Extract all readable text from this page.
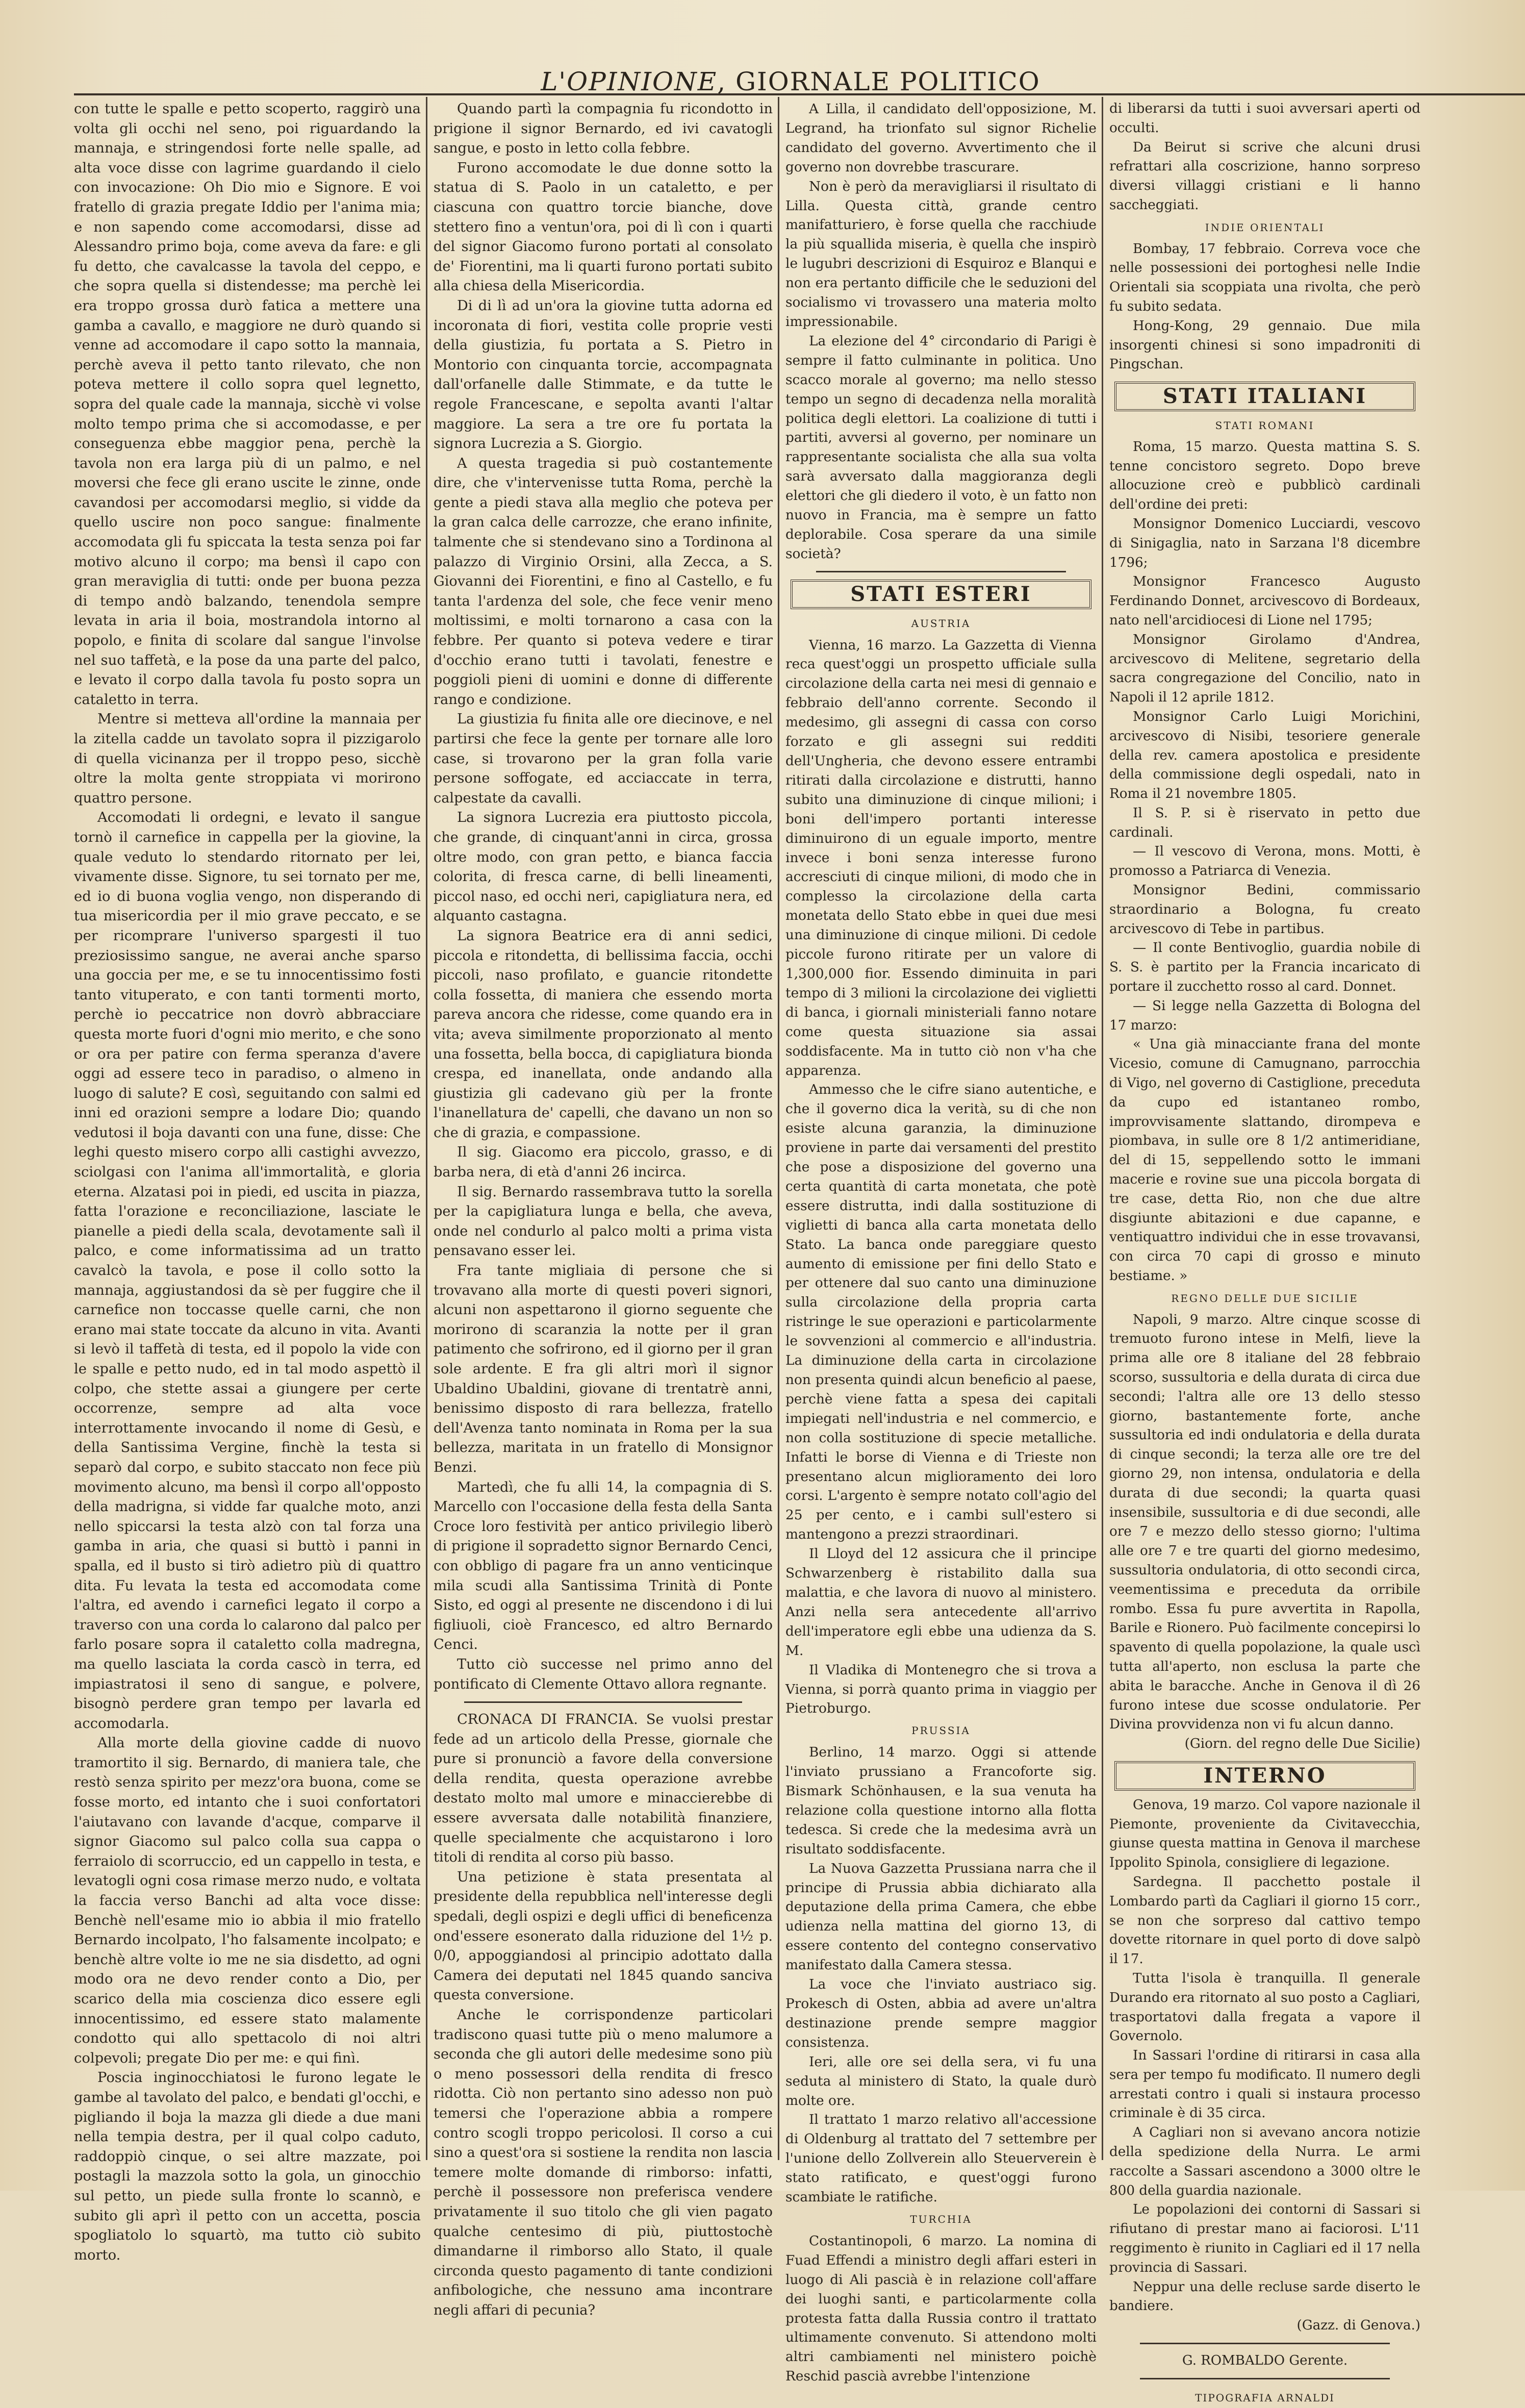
L'OPINIONE, GIORNALE POLITICO

con tutte le spalle e petto scoperto, raggirò una volta gli occhi nel seno, poi riguardando la mannaja, e stringendosi forte nelle spalle, ad alta voce disse con lagrime guardando il cielo con invocazione: Oh Dio mio e Signore. E voi fratello di grazia pregate Iddio per l'anima mia; e non sapendo come accomodarsi, disse ad Alessandro primo boja, come aveva da fare: e gli fu detto, che cavalcasse la tavola del ceppo, e che sopra quella si distendesse; ma perchè lei era troppo grossa durò fatica a mettere una gamba a cavallo, e maggiore ne durò quando si venne ad accomodare il capo sotto la mannaia, perchè aveva il petto tanto rilevato, che non poteva mettere il collo sopra quel legnetto, sopra del quale cade la mannaja, sicchè vi volse molto tempo prima che si accomodasse, e per conseguenza ebbe maggior pena, perchè la tavola non era larga più di un palmo, e nel moversi che fece gli erano uscite le zinne, onde cavandosi per accomodarsi meglio, si vidde da quello uscire non poco sangue: finalmente accomodata gli fu spiccata la testa senza poi far motivo alcuno il corpo; ma bensì il capo con gran meraviglia di tutti: onde per buona pezza di tempo andò balzando, tenendola sempre levata in aria il boia, mostrandola intorno al popolo, e finita di scolare dal sangue l'involse nel suo taffetà, e la pose da una parte del palco, e levato il corpo dalla tavola fu posto sopra un cataletto in terra.

Mentre si metteva all'ordine la mannaia per la zitella cadde un tavolato sopra il pizzigarolo di quella vicinanza per il troppo peso, sicchè oltre la molta gente stroppiata vi morirono quattro persone.

Accomodati li ordegni, e levato il sangue tornò il carnefice in cappella per la giovine, la quale veduto lo stendardo ritornato per lei, vivamente disse. Signore, tu sei tornato per me, ed io di buona voglia vengo, non disperando di tua misericordia per il mio grave peccato, e se per ricomprare l'universo spargesti il tuo preziosissimo sangue, ne averai anche sparso una goccia per me, e se tu innocentissimo fosti tanto vituperato, e con tanti tormenti morto, perchè io peccatrice non dovrò abbracciare questa morte fuori d'ogni mio merito, e che sono or ora per patire con ferma speranza d'avere oggi ad essere teco in paradiso, o almeno in luogo di salute? E così, seguitando con salmi ed inni ed orazioni sempre a lodare Dio; quando vedutosi il boja davanti con una fune, disse: Che leghi questo misero corpo alli castighi avvezzo, sciolgasi con l'anima all'immortalità, e gloria eterna. Alzatasi poi in piedi, ed uscita in piazza, fatta l'orazione e reconciliazione, lasciate le pianelle a piedi della scala, devotamente salì il palco, e come informatissima ad un tratto cavalcò la tavola, e pose il collo sotto la mannaja, aggiustandosi da sè per fuggire che il carnefice non toccasse quelle carni, che non erano mai state toccate da alcuno in vita. Avanti si levò il taffetà di testa, ed il popolo la vide con le spalle e petto nudo, ed in tal modo aspettò il colpo, che stette assai a giungere per certe occorrenze, sempre ad alta voce interrottamente invocando il nome di Gesù, e della Santissima Vergine, finchè la testa si separò dal corpo, e subito staccato non fece più movimento alcuno, ma bensì il corpo all'opposto della madrigna, si vidde far qualche moto, anzi nello spiccarsi la testa alzò con tal forza una gamba in aria, che quasi si buttò i panni in spalla, ed il busto si tirò adietro più di quattro dita. Fu levata la testa ed accomodata come l'altra, ed avendo i carnefici legato il corpo a traverso con una corda lo calarono dal palco per farlo posare sopra il cataletto colla madregna, ma quello lasciata la corda cascò in terra, ed impiastratosi il seno di sangue, e polvere, bisognò perdere gran tempo per lavarla ed accomodarla.

Alla morte della giovine cadde di nuovo tramortito il sig. Bernardo, di maniera tale, che restò senza spirito per mezz'ora buona, come se fosse morto, ed intanto che i suoi confortatori l'aiutavano con lavande d'acque, comparve il signor Giacomo sul palco colla sua cappa o ferraiolo di scorruccio, ed un cappello in testa, e levatogli ogni cosa rimase merzo nudo, e voltata la faccia verso Banchi ad alta voce disse: Benchè nell'esame mio io abbia il mio fratello Bernardo incolpato, l'ho falsamente incolpato; e benchè altre volte io me ne sia disdetto, ad ogni modo ora ne devo render conto a Dio, per scarico della mia coscienza dico essere egli innocentissimo, ed essere stato malamente condotto qui allo spettacolo di noi altri colpevoli; pregate Dio per me: e qui finì.

Poscia inginocchiatosi le furono legate le gambe al tavolato del palco, e bendati gl'occhi, e pigliando il boja la mazza gli diede a due mani nella tempia destra, per il qual colpo caduto, raddoppiò cinque, o sei altre mazzate, poi postagli la mazzola sotto la gola, un ginocchio sul petto, un piede sulla fronte lo scannò, e subito gli aprì il petto con un accetta, poscia spogliatolo lo squartò, ma tutto ciò subito morto.

Quando partì la compagnia fu ricondotto in prigione il signor Bernardo, ed ivi cavatogli sangue, e posto in letto colla febbre.

Furono accomodate le due donne sotto la statua di S. Paolo in un cataletto, e per ciascuna con quattro torcie bianche, dove stettero fino a ventun'ora, poi di lì con i quarti del signor Giacomo furono portati al consolato de' Fiorentini, ma li quarti furono portati subito alla chiesa della Misericordia.

Di di lì ad un'ora la giovine tutta adorna ed incoronata di fiori, vestita colle proprie vesti della giustizia, fu portata a S. Pietro in Montorio con cinquanta torcie, accompagnata dall'orfanelle dalle Stimmate, e da tutte le regole Francescane, e sepolta avanti l'altar maggiore. La sera a tre ore fu portata la signora Lucrezia a S. Giorgio.

A questa tragedia si può costantemente dire, che v'intervenisse tutta Roma, perchè la gente a piedi stava alla meglio che poteva per la gran calca delle carrozze, che erano infinite, talmente che si stendevano sino a Tordinona al palazzo di Virginio Orsini, alla Zecca, a S. Giovanni dei Fiorentini, e fino al Castello, e fu tanta l'ardenza del sole, che fece venir meno moltissimi, e molti tornarono a casa con la febbre. Per quanto si poteva vedere e tirar d'occhio erano tutti i tavolati, fenestre e poggioli pieni di uomini e donne di differente rango e condizione.

La giustizia fu finita alle ore diecinove, e nel partirsi che fece la gente per tornare alle loro case, si trovarono per la gran folla varie persone soffogate, ed acciaccate in terra, calpestate da cavalli.

La signora Lucrezia era piuttosto piccola, che grande, di cinquant'anni in circa, grossa oltre modo, con gran petto, e bianca faccia colorita, di fresca carne, di belli lineamenti, piccol naso, ed occhi neri, capigliatura nera, ed alquanto castagna.

La signora Beatrice era di anni sedici, piccola e ritondetta, di bellissima faccia, occhi piccoli, naso profilato, e guancie ritondette colla fossetta, di maniera che essendo morta pareva ancora che ridesse, come quando era in vita; aveva similmente proporzionato al mento una fossetta, bella bocca, di capigliatura bionda crespa, ed inanellata, onde andando alla giustizia gli cadevano giù per la fronte l'inanellatura de' capelli, che davano un non so che di grazia, e compassione.

Il sig. Giacomo era piccolo, grasso, e di barba nera, di età d'anni 26 incirca.

Il sig. Bernardo rassembrava tutto la sorella per la capigliatura lunga e bella, che aveva, onde nel condurlo al palco molti a prima vista pensavano esser lei.

Fra tante migliaia di persone che si trovavano alla morte di questi poveri signori, alcuni non aspettarono il giorno seguente che morirono di scaranzia la notte per il gran patimento che sofrirono, ed il giorno per il gran sole ardente. E fra gli altri morì il signor Ubaldino Ubaldini, giovane di trentatrè anni, benissimo disposto di rara bellezza, fratello dell'Avenza tanto nominata in Roma per la sua bellezza, maritata in un fratello di Monsignor Benzi.

Martedì, che fu alli 14, la compagnia di S. Marcello con l'occasione della festa della Santa Croce loro festività per antico privilegio liberò di prigione il sopradetto signor Bernardo Cenci, con obbligo di pagare fra un anno venticinque mila scudi alla Santissima Trinità di Ponte Sisto, ed oggi al presente ne discendono i di lui figliuoli, cioè Francesco, ed altro Bernardo Cenci.

Tutto ciò successe nel primo anno del pontificato di Clemente Ottavo allora regnante.

CRONACA DI FRANCIA. Se vuolsi prestar fede ad un articolo della Presse, giornale che pure si pronunciò a favore della conversione della rendita, questa operazione avrebbe destato molto mal umore e minaccierebbe di essere avversata dalle notabilità finanziere, quelle specialmente che acquistarono i loro titoli di rendita al corso più basso.

Una petizione è stata presentata al presidente della repubblica nell'interesse degli spedali, degli ospizi e degli uffici di beneficenza ond'essere esonerato dalla riduzione del 1½ p. 0/0, appoggiandosi al principio adottato dalla Camera dei deputati nel 1845 quando sanciva questa conversione.

Anche le corrispondenze particolari tradiscono quasi tutte più o meno malumore a seconda che gli autori delle medesime sono più o meno possessori della rendita di fresco ridotta. Ciò non pertanto sino adesso non può temersi che l'operazione abbia a rompere contro scogli troppo pericolosi. Il corso a cui sino a quest'ora si sostiene la rendita non lascia temere molte domande di rimborso: infatti, perchè il possessore non preferisca vendere privatamente il suo titolo che gli vien pagato qualche centesimo di più, piuttostochè dimandarne il rimborso allo Stato, il quale circonda questo pagamento di tante condizioni anfibologiche, che nessuno ama incontrare negli affari di pecunia?

A Lilla, il candidato dell'opposizione, M. Legrand, ha trionfato sul signor Richelie candidato del governo. Avvertimento che il governo non dovrebbe trascurare.

Non è però da meravigliarsi il risultato di Lilla. Questa città, grande centro manifatturiero, è forse quella che racchiude la più squallida miseria, è quella che inspirò le lugubri descrizioni di Esquiroz e Blanqui e non era pertanto difficile che le seduzioni del socialismo vi trovassero una materia molto impressionabile.

La elezione del 4° circondario di Parigi è sempre il fatto culminante in politica. Uno scacco morale al governo; ma nello stesso tempo un segno di decadenza nella moralità politica degli elettori. La coalizione di tutti i partiti, avversi al governo, per nominare un rappresentante socialista che alla sua volta sarà avversato dalla maggioranza degli elettori che gli diedero il voto, è un fatto non nuovo in Francia, ma è sempre un fatto deplorabile. Cosa sperare da una simile società?

STATI ESTERI
AUSTRIA

Vienna, 16 marzo. La Gazzetta di Vienna reca quest'oggi un prospetto ufficiale sulla circolazione della carta nei mesi di gennaio e febbraio dell'anno corrente. Secondo il medesimo, gli assegni di cassa con corso forzato e gli assegni sui redditi dell'Ungheria, che devono essere entrambi ritirati dalla circolazione e distrutti, hanno subito una diminuzione di cinque milioni; i boni dell'impero portanti interesse diminuirono di un eguale importo, mentre invece i boni senza interesse furono accresciuti di cinque milioni, di modo che in complesso la circolazione della carta monetata dello Stato ebbe in quei due mesi una diminuzione di cinque milioni. Di cedole piccole furono ritirate per un valore di 1,300,000 fior. Essendo diminuita in pari tempo di 3 milioni la circolazione dei viglietti di banca, i giornali ministeriali fanno notare come questa situazione sia assai soddisfacente. Ma in tutto ciò non v'ha che apparenza.

Ammesso che le cifre siano autentiche, e che il governo dica la verità, su di che non esiste alcuna garanzia, la diminuzione proviene in parte dai versamenti del prestito che pose a disposizione del governo una certa quantità di carta monetata, che potè essere distrutta, indi dalla sostituzione di viglietti di banca alla carta monetata dello Stato. La banca onde pareggiare questo aumento di emissione per fini dello Stato e per ottenere dal suo canto una diminuzione sulla circolazione della propria carta ristringe le sue operazioni e particolarmente le sovvenzioni al commercio e all'industria. La diminuzione della carta in circolazione non presenta quindi alcun beneficio al paese, perchè viene fatta a spesa dei capitali impiegati nell'industria e nel commercio, e non colla sostituzione di specie metalliche. Infatti le borse di Vienna e di Trieste non presentano alcun miglioramento dei loro corsi. L'argento è sempre notato coll'agio del 25 per cento, e i cambi sull'estero si mantengono a prezzi straordinari.

Il Lloyd del 12 assicura che il principe Schwarzenberg è ristabilito dalla sua malattia, e che lavora di nuovo al ministero. Anzi nella sera antecedente all'arrivo dell'imperatore egli ebbe una udienza da S. M.

Il Vladika di Montenegro che si trova a Vienna, si porrà quanto prima in viaggio per Pietroburgo.

PRUSSIA

Berlino, 14 marzo. Oggi si attende l'inviato prussiano a Francoforte sig. Bismark Schönhausen, e la sua venuta ha relazione colla questione intorno alla flotta tedesca. Si crede che la medesima avrà un risultato soddisfacente.

La Nuova Gazzetta Prussiana narra che il principe di Prussia abbia dichiarato alla deputazione della prima Camera, che ebbe udienza nella mattina del giorno 13, di essere contento del contegno conservativo manifestato dalla Camera stessa.

La voce che l'inviato austriaco sig. Prokesch di Osten, abbia ad avere un'altra destinazione prende sempre maggior consistenza.

Ieri, alle ore sei della sera, vi fu una seduta al ministero di Stato, la quale durò molte ore.

Il trattato 1 marzo relativo all'accessione di Oldenburg al trattato del 7 settembre per l'unione dello Zollverein allo Steuerverein è stato ratificato, e quest'oggi furono scambiate le ratifiche.

TURCHIA

Costantinopoli, 6 marzo. La nomina di Fuad Effendi a ministro degli affari esteri in luogo di Ali pascià è in relazione coll'affare dei luoghi santi, e particolarmente colla protesta fatta dalla Russia contro il trattato ultimamente convenuto. Si attendono molti altri cambiamenti nel ministero poichè Reschid pascià avrebbe l'intenzione

di liberarsi da tutti i suoi avversari aperti od occulti.

Da Beirut si scrive che alcuni drusi refrattari alla coscrizione, hanno sorpreso diversi villaggi cristiani e li hanno saccheggiati.

INDIE ORIENTALI

Bombay, 17 febbraio. Correva voce che nelle possessioni dei portoghesi nelle Indie Orientali sia scoppiata una rivolta, che però fu subito sedata.

Hong-Kong, 29 gennaio. Due mila insorgenti chinesi si sono impadroniti di Pingschan.

STATI ITALIANI
STATI ROMANI

Roma, 15 marzo. Questa mattina S. S. tenne concistoro segreto. Dopo breve allocuzione creò e pubblicò cardinali dell'ordine dei preti:

Monsignor Domenico Lucciardi, vescovo di Sinigaglia, nato in Sarzana l'8 dicembre 1796;

Monsignor Francesco Augusto Ferdinando Donnet, arcivescovo di Bordeaux, nato nell'arcidiocesi di Lione nel 1795;

Monsignor Girolamo d'Andrea, arcivescovo di Melitene, segretario della sacra congregazione del Concilio, nato in Napoli il 12 aprile 1812.

Monsignor Carlo Luigi Morichini, arcivescovo di Nisibi, tesoriere generale della rev. camera apostolica e presidente della commissione degli ospedali, nato in Roma il 21 novembre 1805.

Il S. P. si è riservato in petto due cardinali.

— Il vescovo di Verona, mons. Motti, è promosso a Patriarca di Venezia.

Monsignor Bedini, commissario straordinario a Bologna, fu creato arcivescovo di Tebe in partibus.

— Il conte Bentivoglio, guardia nobile di S. S. è partito per la Francia incaricato di portare il zucchetto rosso al card. Donnet.

— Si legge nella Gazzetta di Bologna del 17 marzo:

« Una già minacciante frana del monte Vicesio, comune di Camugnano, parrocchia di Vigo, nel governo di Castiglione, preceduta da cupo ed istantaneo rombo, improvvisamente slattando, dirompeva e piombava, in sulle ore 8 1/2 antimeridiane, del di 15, seppellendo sotto le immani macerie e rovine sue una piccola borgata di tre case, detta Rio, non che due altre disgiunte abitazioni e due capanne, e ventiquattro individui che in esse trovavansi, con circa 70 capi di grosso e minuto bestiame. »

REGNO DELLE DUE SICILIE

Napoli, 9 marzo. Altre cinque scosse di tremuoto furono intese in Melfi, lieve la prima alle ore 8 italiane del 28 febbraio scorso, sussultoria e della durata di circa due secondi; l'altra alle ore 13 dello stesso giorno, bastantemente forte, anche sussultoria ed indi ondulatoria e della durata di cinque secondi; la terza alle ore tre del giorno 29, non intensa, ondulatoria e della durata di due secondi; la quarta quasi insensibile, sussultoria e di due secondi, alle ore 7 e mezzo dello stesso giorno; l'ultima alle ore 7 e tre quarti del giorno medesimo, sussultoria ondulatoria, di otto secondi circa, veementissima e preceduta da orribile rombo. Essa fu pure avvertita in Rapolla, Barile e Rionero. Può facilmente concepirsi lo spavento di quella popolazione, la quale uscì tutta all'aperto, non esclusa la parte che abita le baracche. Anche in Genova il dì 26 furono intese due scosse ondulatorie. Per Divina provvidenza non vi fu alcun danno.

(Giorn. del regno delle Due Sicilie)

INTERNO

Genova, 19 marzo. Col vapore nazionale il Piemonte, proveniente da Civitavecchia, giunse questa mattina in Genova il marchese Ippolito Spinola, consigliere di legazione.

Sardegna. Il pacchetto postale il Lombardo partì da Cagliari il giorno 15 corr., se non che sorpreso dal cattivo tempo dovette ritornare in quel porto di dove salpò il 17.

Tutta l'isola è tranquilla. Il generale Durando era ritornato al suo posto a Cagliari, trasportatovi dalla fregata a vapore il Governolo.

In Sassari l'ordine di ritirarsi in casa alla sera per tempo fu modificato. Il numero degli arrestati contro i quali si instaura processo criminale è di 35 circa.

A Cagliari non si avevano ancora notizie della spedizione della Nurra. Le armi raccolte a Sassari ascendono a 3000 oltre le 800 della guardia nazionale.

Le popolazioni dei contorni di Sassari si rifiutano di prestar mano ai faciorosi. L'11 reggimento è riunito in Cagliari ed il 17 nella provincia di Sassari.

Neppur una delle recluse sarde diserto le bandiere.

(Gazz. di Genova.)

G. ROMBALDO Gerente.
TIPOGRAFIA ARNALDI
